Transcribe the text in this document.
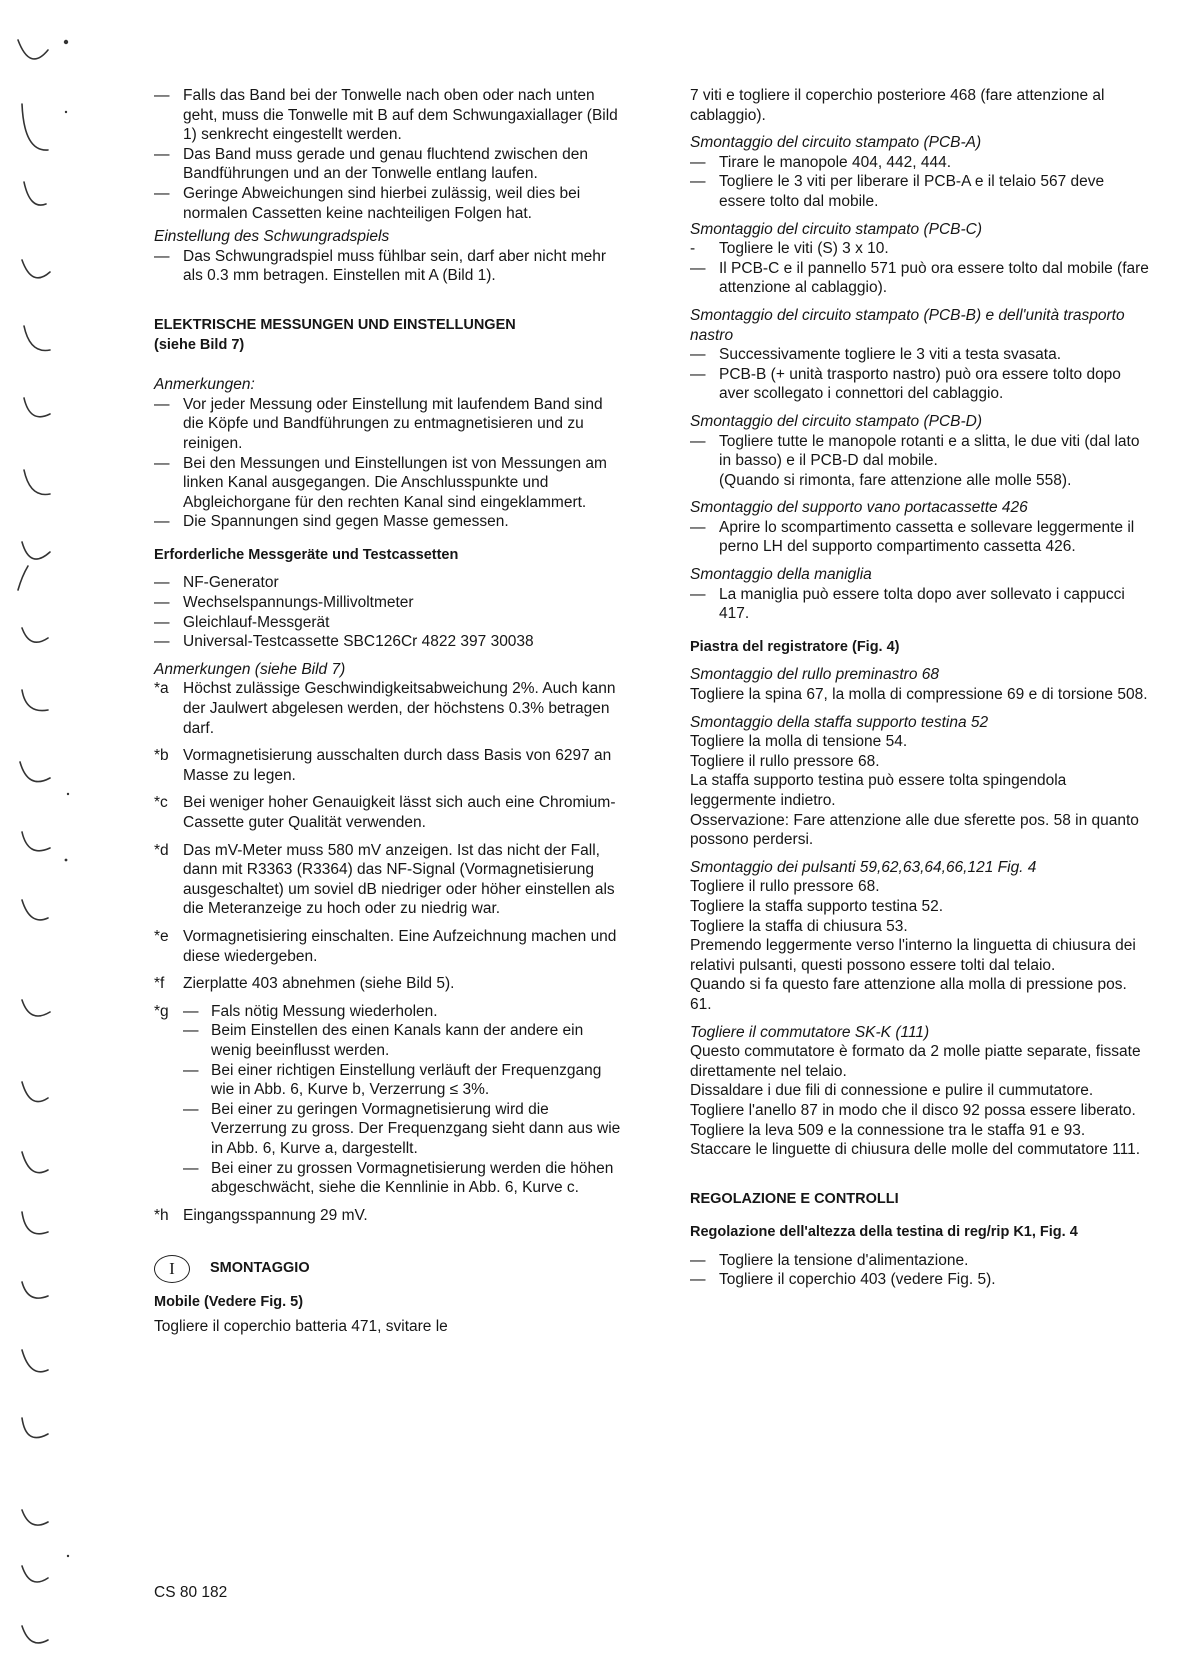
— Falls das Band bei der Tonwelle nach oben oder nach unten geht, muss die Tonwelle mit B auf dem Schwungaxiallager (Bild 1) senkrecht eingestellt werden.
— Das Band muss gerade und genau fluchtend zwischen den Bandführungen und an der Tonwelle entlang laufen.
— Geringe Abweichungen sind hierbei zulässig, weil dies bei normalen Cassetten keine nachteiligen Folgen hat.

Einstellung des Schwungradspiels

— Das Schwungradspiel muss fühlbar sein, darf aber nicht mehr als 0.3 mm betragen. Einstellen mit A (Bild 1).

ELEKTRISCHE MESSUNGEN UND EINSTELLUNGEN

(siehe Bild 7)

Anmerkungen:

— Vor jeder Messung oder Einstellung mit laufendem Band sind die Köpfe und Bandführungen zu entmagnetisieren und zu reinigen.
— Bei den Messungen und Einstellungen ist von Messungen am linken Kanal ausgegangen. Die Anschlusspunkte und Abgleichorgane für den rechten Kanal sind eingeklammert.
— Die Spannungen sind gegen Masse gemessen.

Erforderliche Messgeräte und Testcassetten

— NF-Generator
— Wechselspannungs-Millivoltmeter
— Gleichlauf-Messgerät
— Universal-Testcassette SBC126Cr 4822 397 30038

Anmerkungen (siehe Bild 7)

*a Höchst zulässige Geschwindigkeitsabweichung 2%. Auch kann der Jaulwert abgelesen werden, der höchstens 0.3% betragen darf.
*b Vormagnetisierung ausschalten durch dass Basis von 6297 an Masse zu legen.
*c Bei weniger hoher Genauigkeit lässt sich auch eine Chromium-Cassette guter Qualität verwenden.
*d Das mV-Meter muss 580 mV anzeigen. Ist das nicht der Fall, dann mit R3363 (R3364) das NF-Signal (Vormagnetisierung ausgeschaltet) um soviel dB niedriger oder höher einstellen als die Meteranzeige zu hoch oder zu niedrig war.
*e Vormagnetisiering einschalten. Eine Aufzeichnung machen und diese wiedergeben.
*f	Zierplatte 403 abnehmen (siehe Bild 5).
*g — Fals nötig Messung wiederholen.
— Beim Einstellen des einen Kanals kann der andere ein wenig beeinflusst werden.
— Bei einer richtigen Einstellung verläuft der Frequenzgang wie in Abb. 6, Kurve b, Verzerrung ≤ 3%.
— Bei einer zu geringen Vormagnetisierung wird die Verzerrung zu gross. Der Frequenzgang sieht dann aus wie in Abb. 6, Kurve a, dargestellt.
— Bei einer zu grossen Vormagnetisierung werden die höhen abgeschwächt, siehe die Kennlinie in Abb. 6, Kurve c.
*h Eingangsspannung 29 mV.
I	SMONTAGGIO

Mobile (Vedere Fig. 5)

Togliere il coperchio batteria 471, svitare le

CS 80 182

7 viti e togliere il coperchio posteriore 468 (fare attenzione al cablaggio).

Smontaggio del circuito stampato (PCB-A)

— Tirare le manopole 404, 442, 444.
— Togliere le 3 viti per liberare il PCB-A e il telaio 567 deve essere tolto dal mobile.

Smontaggio del circuito stampato (PCB-C)

-	Togliere le viti (S) 3 x 10.
— Il PCB-C e il pannello 571 può ora essere tolto dal mobile (fare attenzione al cablaggio).

Smontaggio del circuito stampato (PCB-B) e dell'unità trasporto nastro

— Successivamente togliere le 3 viti a testa svasata.
— PCB-B (+ unità trasporto nastro) può ora essere tolto dopo aver scollegato i connettori del cablaggio.

Smontaggio del circuito stampato (PCB-D)

— Togliere tutte le manopole rotanti e a slitta, le due viti (dal lato in basso) e il PCB-D dal mobile.
(Quando si rimonta, fare attenzione alle molle 558).

Smontaggio del supporto vano portacassette 426

— Aprire lo scompartimento cassetta e sollevare leggermente il perno LH del supporto compartimento cassetta 426.

Smontaggio della maniglia

— La maniglia può essere tolta dopo aver sollevato i cappucci 417.

Piastra del registratore (Fig. 4)

Smontaggio del rullo preminastro 68

Togliere la spina 67, la molla di compressione 69 e di torsione 508.

Smontaggio della staffa supporto testina 52

Togliere la molla di tensione 54.

Togliere il rullo pressore 68.

La staffa supporto testina può essere tolta spingendola leggermente indietro.

Osservazione: Fare attenzione alle due sferette pos. 58 in quanto possono perdersi.

Smontaggio dei pulsanti 59,62,63,64,66,121 Fig. 4

Togliere il rullo pressore 68.

Togliere la staffa supporto testina 52.

Togliere la staffa di chiusura 53.

Premendo leggermente verso l'interno la linguetta di chiusura dei relativi pulsanti, questi possono essere tolti dal telaio.

Quando si fa questo fare attenzione alla molla di pressione pos. 61.

Togliere il commutatore SK-K (111)

Questo commutatore è formato da 2 molle piatte separate, fissate direttamente nel telaio.

Dissaldare i due fili di connessione e pulire il cummutatore.

Togliere l'anello 87 in modo che il disco 92 possa essere liberato.

Togliere la leva 509 e la connessione tra le staffa 91 e 93.

Staccare le linguette di chiusura delle molle del commutatore 111.

REGOLAZIONE E CONTROLLI

Regolazione dell'altezza della testina di reg/rip K1, Fig. 4

— Togliere la tensione d'alimentazione.
— Togliere il coperchio 403 (vedere Fig. 5).
